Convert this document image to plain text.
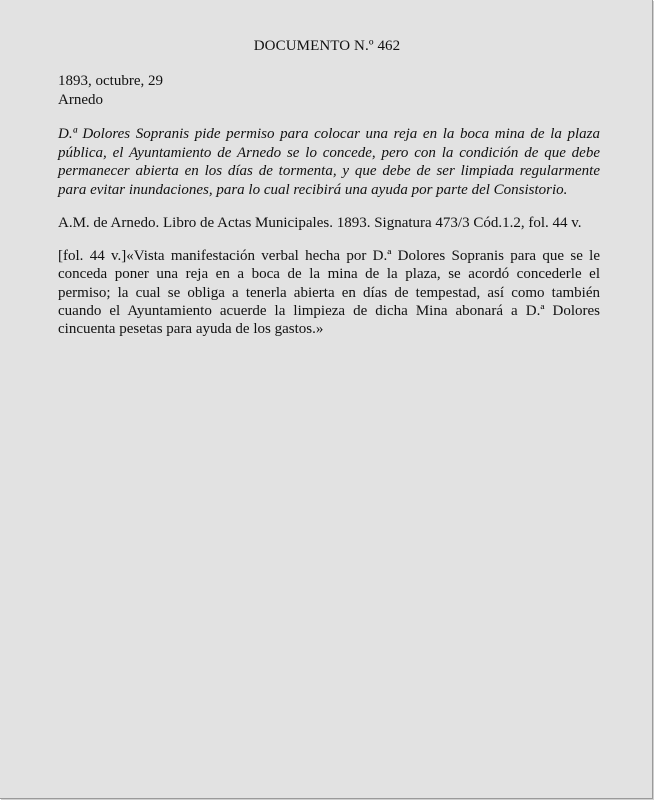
DOCUMENTO N.º 462
1893, octubre, 29
Arnedo
D.ª Dolores Sopranis pide permiso para colocar una reja en la boca mina de la plaza
pública, el Ayuntamiento de Arnedo se lo concede, pero con la condición de que debe
permanecer abierta en los días de tormenta, y que debe de ser limpiada regularmente
para evitar inundaciones, para lo cual recibirá una ayuda por parte del Consistorio.
A.M. de Arnedo. Libro de Actas Municipales. 1893. Signatura 473/3 Cód.1.2, fol. 44 v.
[fol. 44 v.]«Vista manifestación verbal hecha por D.ª Dolores Sopranis para que se le
conceda poner una reja en a boca de la mina de la plaza, se acordó concederle el
permiso; la cual se obliga a tenerla abierta en días de tempestad, así como también
cuando el Ayuntamiento acuerde la limpieza de dicha Mina abonará a D.ª Dolores
cincuenta pesetas para ayuda de los gastos.»
